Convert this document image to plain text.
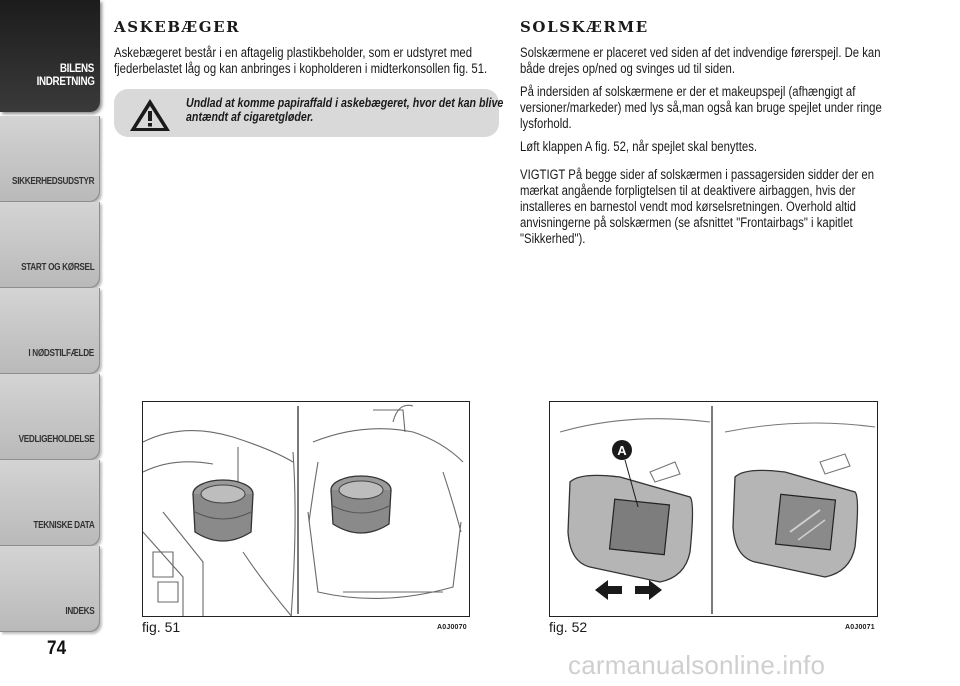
BILENS INDRETNING
SIKKERHEDSUDSTYR
START OG KØRSEL
I NØDSTILFÆLDE
VEDLIGEHOLDELSE
TEKNISKE DATA
INDEKS
74
ASKEBÆGER

Askebægeret består i en aftagelig plastikbeholder, som er udstyret med fjederbelastet låg og kan anbringes i kopholderen i midterkonsollen fig. 51.

Undlad at komme papiraffald i askebægeret, hvor det kan blive antændt af cigaretgløder.
SOLSKÆRME

Solskærmene er placeret ved siden af det indvendige førerspejl. De kan både drejes op/ned og svinges ud til siden.

På indersiden af solskærmene er der et makeupspejl (afhængigt af versioner/markeder) med lys så,man også kan bruge spejlet under ringe lysforhold.

Løft klappen A fig. 52, når spejlet skal benyttes.

VIGTIGT På begge sider af solskærmen i passagersiden sidder der en mærkat angående forpligtelsen til at deaktivere airbaggen, hvis der installeres en barnestol vendt mod kørselsretningen. Overhold altid anvisningerne på solskærmen (se afsnittet "Frontairbags" i kapitlet "Sikkerhed").

fig. 51	A0J0070
A
fig. 52	A0J0071
carmanualsonline.info
